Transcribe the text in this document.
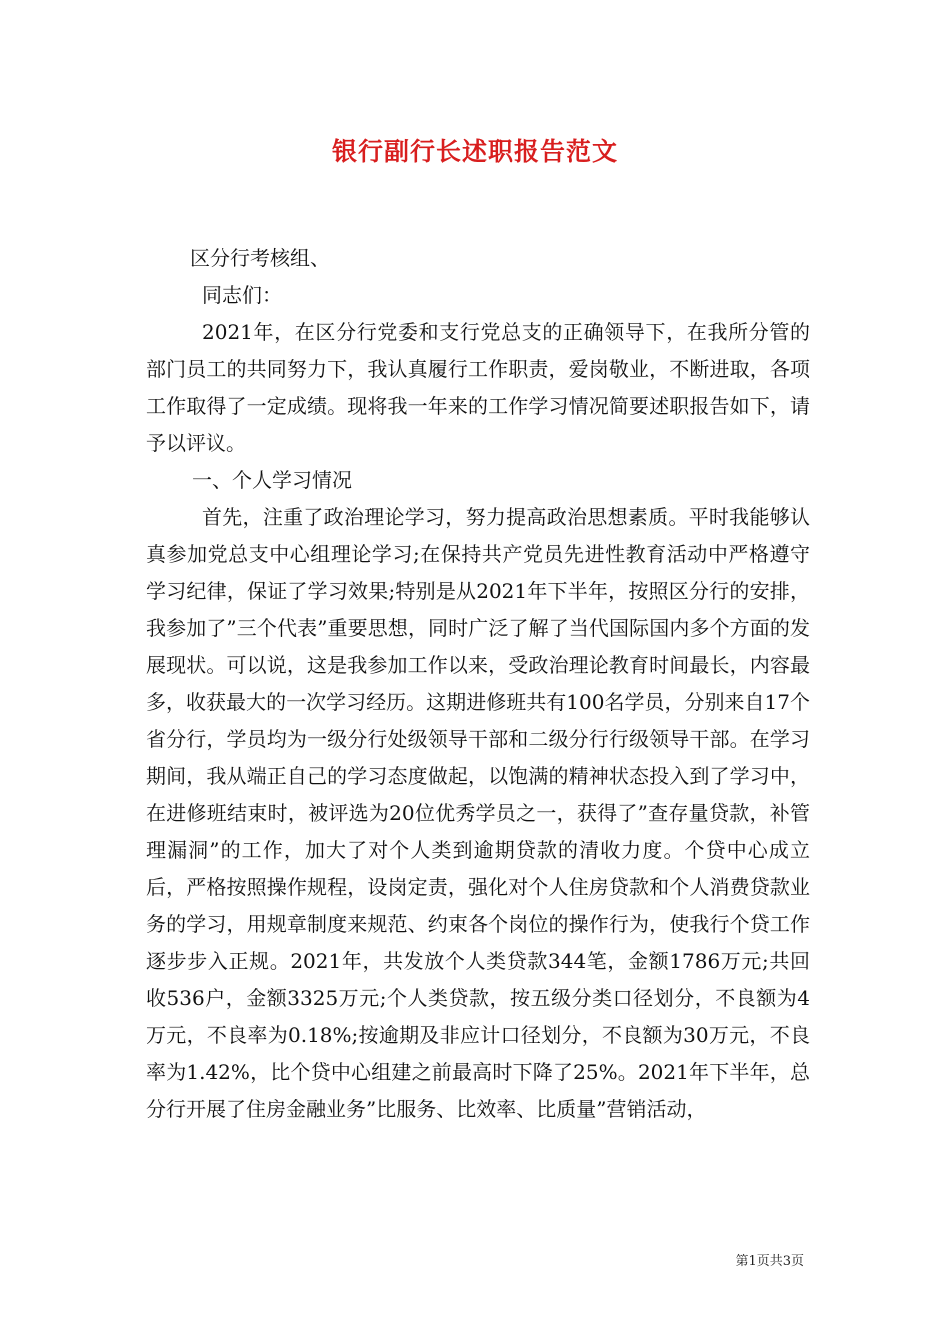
银行副行长述职报告范文

区分行考核组、

同志们：

2021年，在区分行党委和支行党总支的正确领导下，在我所分管的部门员工的共同努力下，我认真履行工作职责，爱岗敬业，不断进取，各项工作取得了一定成绩。现将我一年来的工作学习情况简要述职报告如下，请予以评议。

一、个人学习情况

首先，注重了政治理论学习，努力提高政治思想素质。平时我能够认真参加党总支中心组理论学习;在保持共产党员先进性教育活动中严格遵守学习纪律，保证了学习效果;特别是从2021年下半年，按照区分行的安排，我参加了”三个代表”重要思想，同时广泛了解了当代国际国内多个方面的发展现状。可以说，这是我参加工作以来，受政治理论教育时间最长，内容最多，收获最大的一次学习经历。这期进修班共有100名学员，分别来自17个省分行，学员均为一级分行处级领导干部和二级分行行级领导干部。在学习期间，我从端正自己的学习态度做起，以饱满的精神状态投入到了学习中，在进修班结束时，被评选为20位优秀学员之一，获得了”查存量贷款，补管理漏洞”的工作，加大了对个人类到逾期贷款的清收力度。个贷中心成立后，严格按照操作规程，设岗定责，强化对个人住房贷款和个人消费贷款业务的学习，用规章制度来规范、约束各个岗位的操作行为，使我行个贷工作逐步步入正规。2021年，共发放个人类贷款344笔，金额1786万元;共回收536户，金额3325万元;个人类贷款，按五级分类口径划分，不良额为4万元，不良率为0.18%;按逾期及非应计口径划分，不良额为30万元，不良率为1.42%，比个贷中心组建之前最高时下降了25%。2021年下半年，总分行开展了住房金融业务”比服务、比效率、比质量”营销活动，

第1页共3页
